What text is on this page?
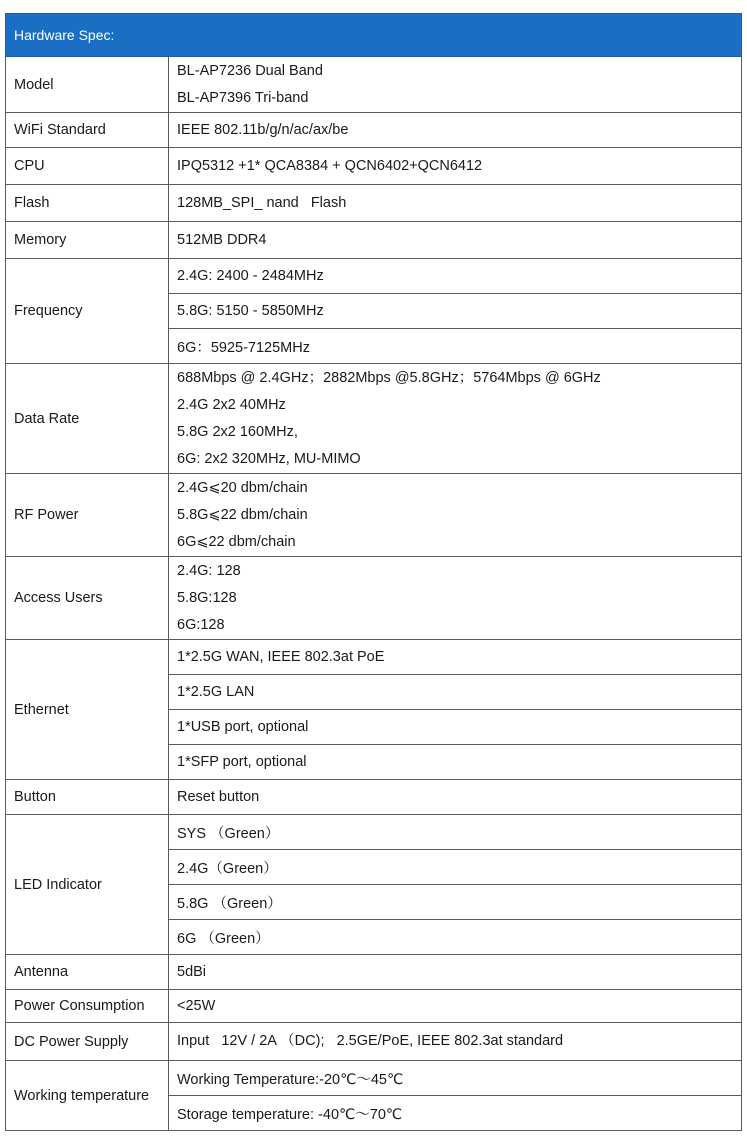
Hardware Spec:	
Model	BL-AP7236 Dual Band
BL-AP7396 Tri-band

WiFi Standard	IEEE 802.11b/g/n/ac/ax/be

CPU	IPQ5312 +1* QCA8384 + QCN6402+QCN6412

Flash	128MB_SPI_ nand   Flash

Memory	512MB DDR4

Frequency	2.4G: 2400 - 2484MHz
	5.8G: 5150 - 5850MHz
	6G：5925-7125MHz
Data Rate	688Mbps @ 2.4GHz；2882Mbps @5.8GHz；5764Mbps @ 6GHz
2.4G 2x2 40MHz
5.8G 2x2 160MHz,
6G: 2x2 320MHz, MU-MIMO

RF Power	2.4G⩽20 dbm/chain
5.8G⩽22 dbm/chain
6G⩽22 dbm/chain

Access Users	2.4G: 128
5.8G:128
6G:128

Ethernet	1*2.5G WAN, IEEE 802.3at PoE
	1*2.5G LAN
	1*USB port, optional
	1*SFP port, optional
Button	Reset button

LED Indicator	SYS （Green）
	2.4G（Green）
	5.8G （Green）
	6G （Green）
Antenna	5dBi

Power Consumption	<25W

DC Power Supply	Input   12V / 2A （DC);   2.5GE/PoE, IEEE 802.3at standard

Working temperature	Working Temperature:-20℃～45℃
	Storage temperature: -40℃～70℃
